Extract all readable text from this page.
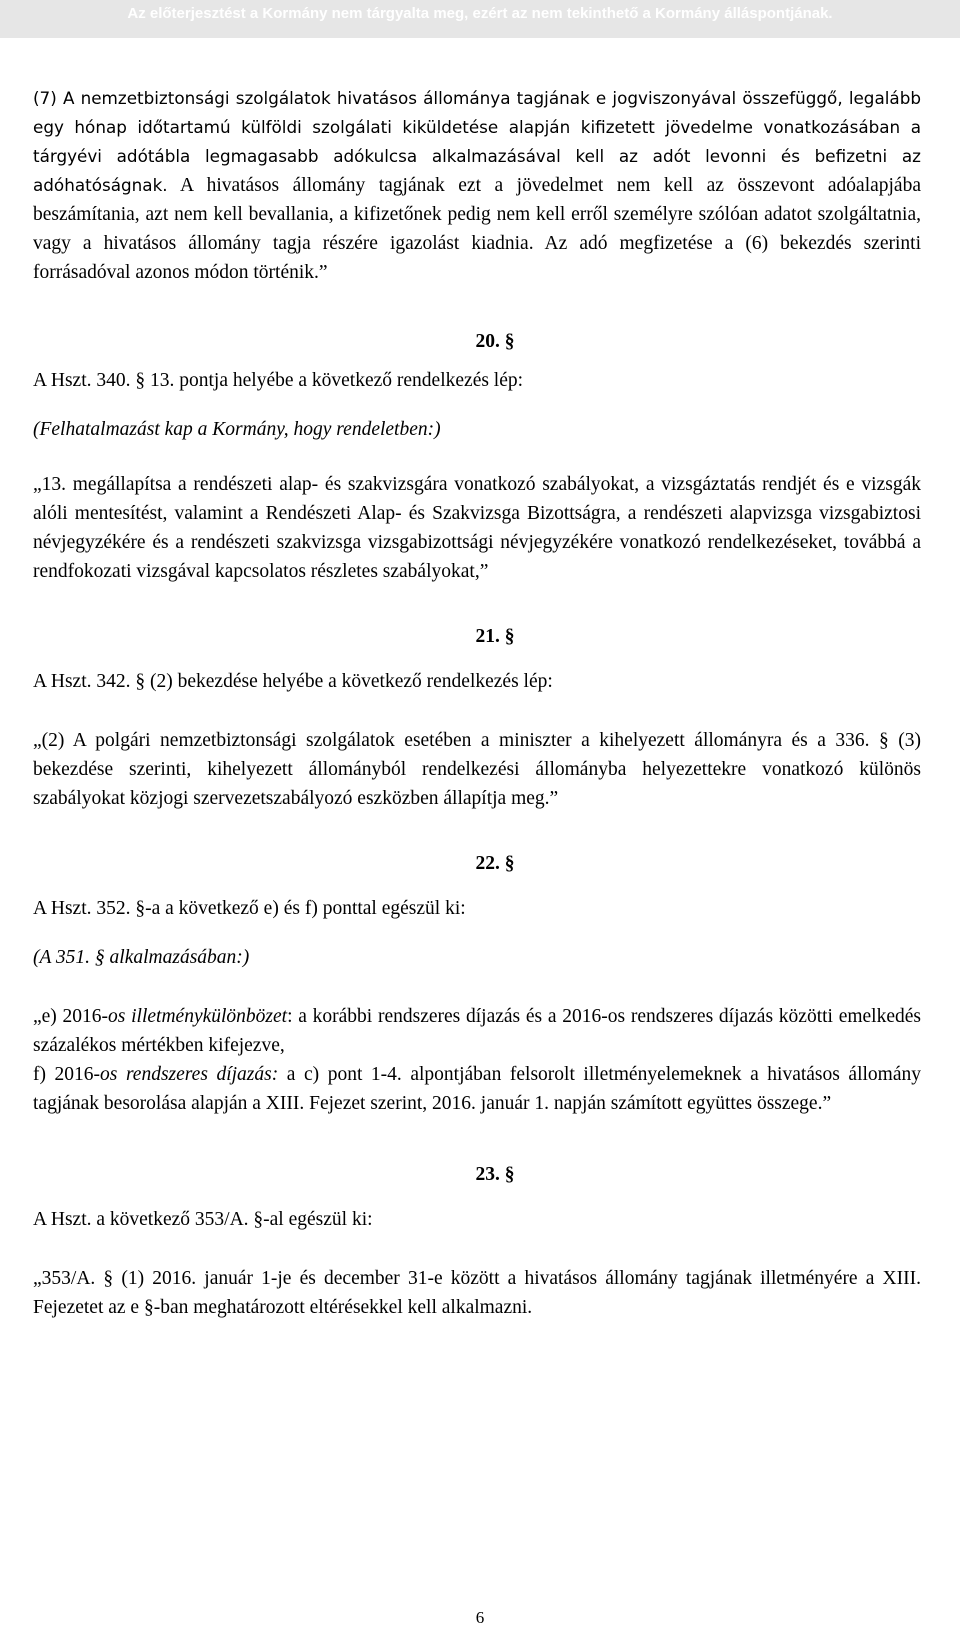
Az előterjesztést a Kormány nem tárgyalta meg, ezért az nem tekinthető a Kormány álláspontjának.

(7) A nemzetbiztonsági szolgálatok hivatásos állománya tagjának e jogviszonyával összefüggő, legalább egy hónap időtartamú külföldi szolgálati kiküldetése alapján kifizetett jövedelme vonatkozásában a tárgyévi adótábla legmagasabb adókulcsa alkalmazásával kell az adót levonni és befizetni az adóhatóságnak. A hivatásos állomány tagjának ezt a jövedelmet nem kell az összevont adóalapjába beszámítania, azt nem kell bevallania, a kifizetőnek pedig nem kell erről személyre szólóan adatot szolgáltatnia, vagy a hivatásos állomány tagja részére igazolást kiadnia. Az adó megfizetése a (6) bekezdés szerinti forrásadóval azonos módon történik.”

20. §

A Hszt. 340. § 13. pontja helyébe a következő rendelkezés lép:

(Felhatalmazást kap a Kormány, hogy rendeletben:)

„13. megállapítsa a rendészeti alap- és szakvizsgára vonatkozó szabályokat, a vizsgáztatás rendjét és e vizsgák alóli mentesítést, valamint a Rendészeti Alap- és Szakvizsga Bizottságra, a rendészeti alapvizsga vizsgabiztosi névjegyzékére és a rendészeti szakvizsga vizsgabizottsági névjegyzékére vonatkozó rendelkezéseket, továbbá a rendfokozati vizsgával kapcsolatos részletes szabályokat,”

21. §

A Hszt. 342. § (2) bekezdése helyébe a következő rendelkezés lép:

„(2) A polgári nemzetbiztonsági szolgálatok esetében a miniszter a kihelyezett állományra és a 336. § (3) bekezdése szerinti, kihelyezett állományból rendelkezési állományba helyezettekre vonatkozó különös szabályokat közjogi szervezetszabályozó eszközben állapítja meg.”

22. §

A Hszt. 352. §-a a következő e) és f) ponttal egészül ki:

(A 351. § alkalmazásában:)

„e) 2016-os illetménykülönbözet: a korábbi rendszeres díjazás és a 2016-os rendszeres díjazás közötti emelkedés százalékos mértékben kifejezve,

f) 2016-os rendszeres díjazás: a c) pont 1-4. alpontjában felsorolt illetményelemeknek a hivatásos állomány tagjának besorolása alapján a XIII. Fejezet szerint, 2016. január 1. napján számított együttes összege.”

23. §

A Hszt. a következő 353/A. §-al egészül ki:

„353/A. § (1) 2016. január 1-je és december 31-e között a hivatásos állomány tagjának illetményére a XIII. Fejezetet az e §-ban meghatározott eltérésekkel kell alkalmazni.

6
